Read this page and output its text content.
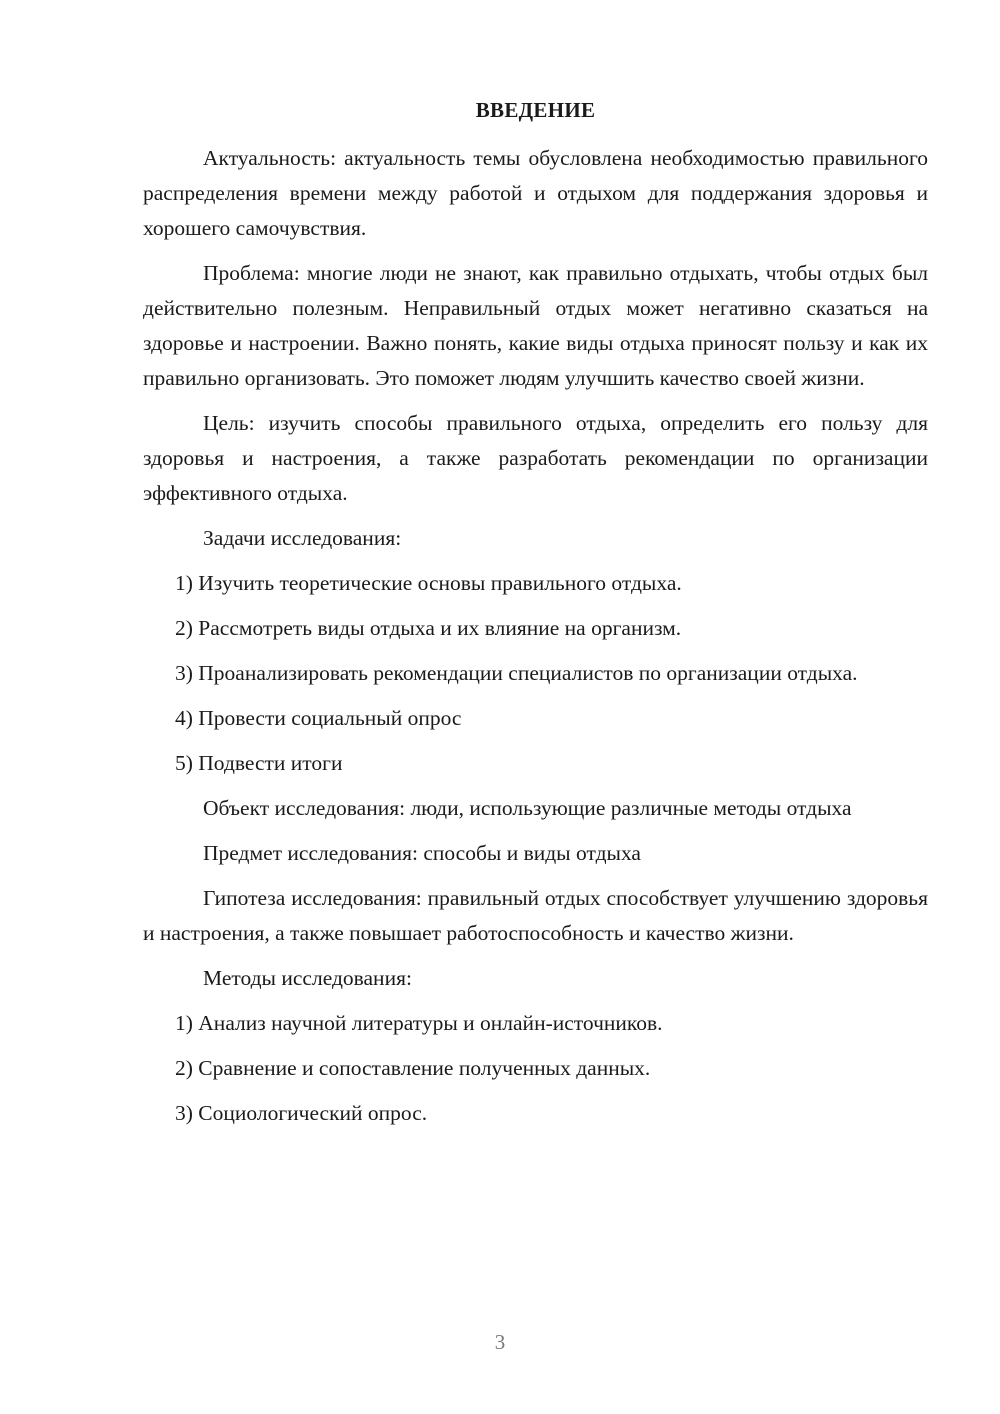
ВВЕДЕНИЕ
Актуальность: актуальность темы обусловлена необходимостью правильного распределения времени между работой и отдыхом для поддержания здоровья и хорошего самочувствия.
Проблема: многие люди не знают, как правильно отдыхать, чтобы отдых был действительно полезным. Неправильный отдых может негативно сказаться на здоровье и настроении. Важно понять, какие виды отдыха приносят пользу и как их правильно организовать. Это поможет людям улучшить качество своей жизни.
Цель: изучить способы правильного отдыха, определить его пользу для здоровья и настроения, а также разработать рекомендации по организации эффективного отдыха.
Задачи исследования:
1) Изучить теоретические основы правильного отдыха.
2) Рассмотреть виды отдыха и их влияние на организм.
3) Проанализировать рекомендации специалистов по организации отдыха.
4) Провести социальный опрос
5) Подвести итоги
Объект исследования: люди, использующие различные методы отдыха
Предмет исследования: способы и виды отдыха
Гипотеза исследования: правильный отдых способствует улучшению здоровья и настроения, а также повышает работоспособность и качество жизни.
Методы исследования:
1) Анализ научной литературы и онлайн-источников.
2) Сравнение и сопоставление полученных данных.
3) Социологический опрос.
3
